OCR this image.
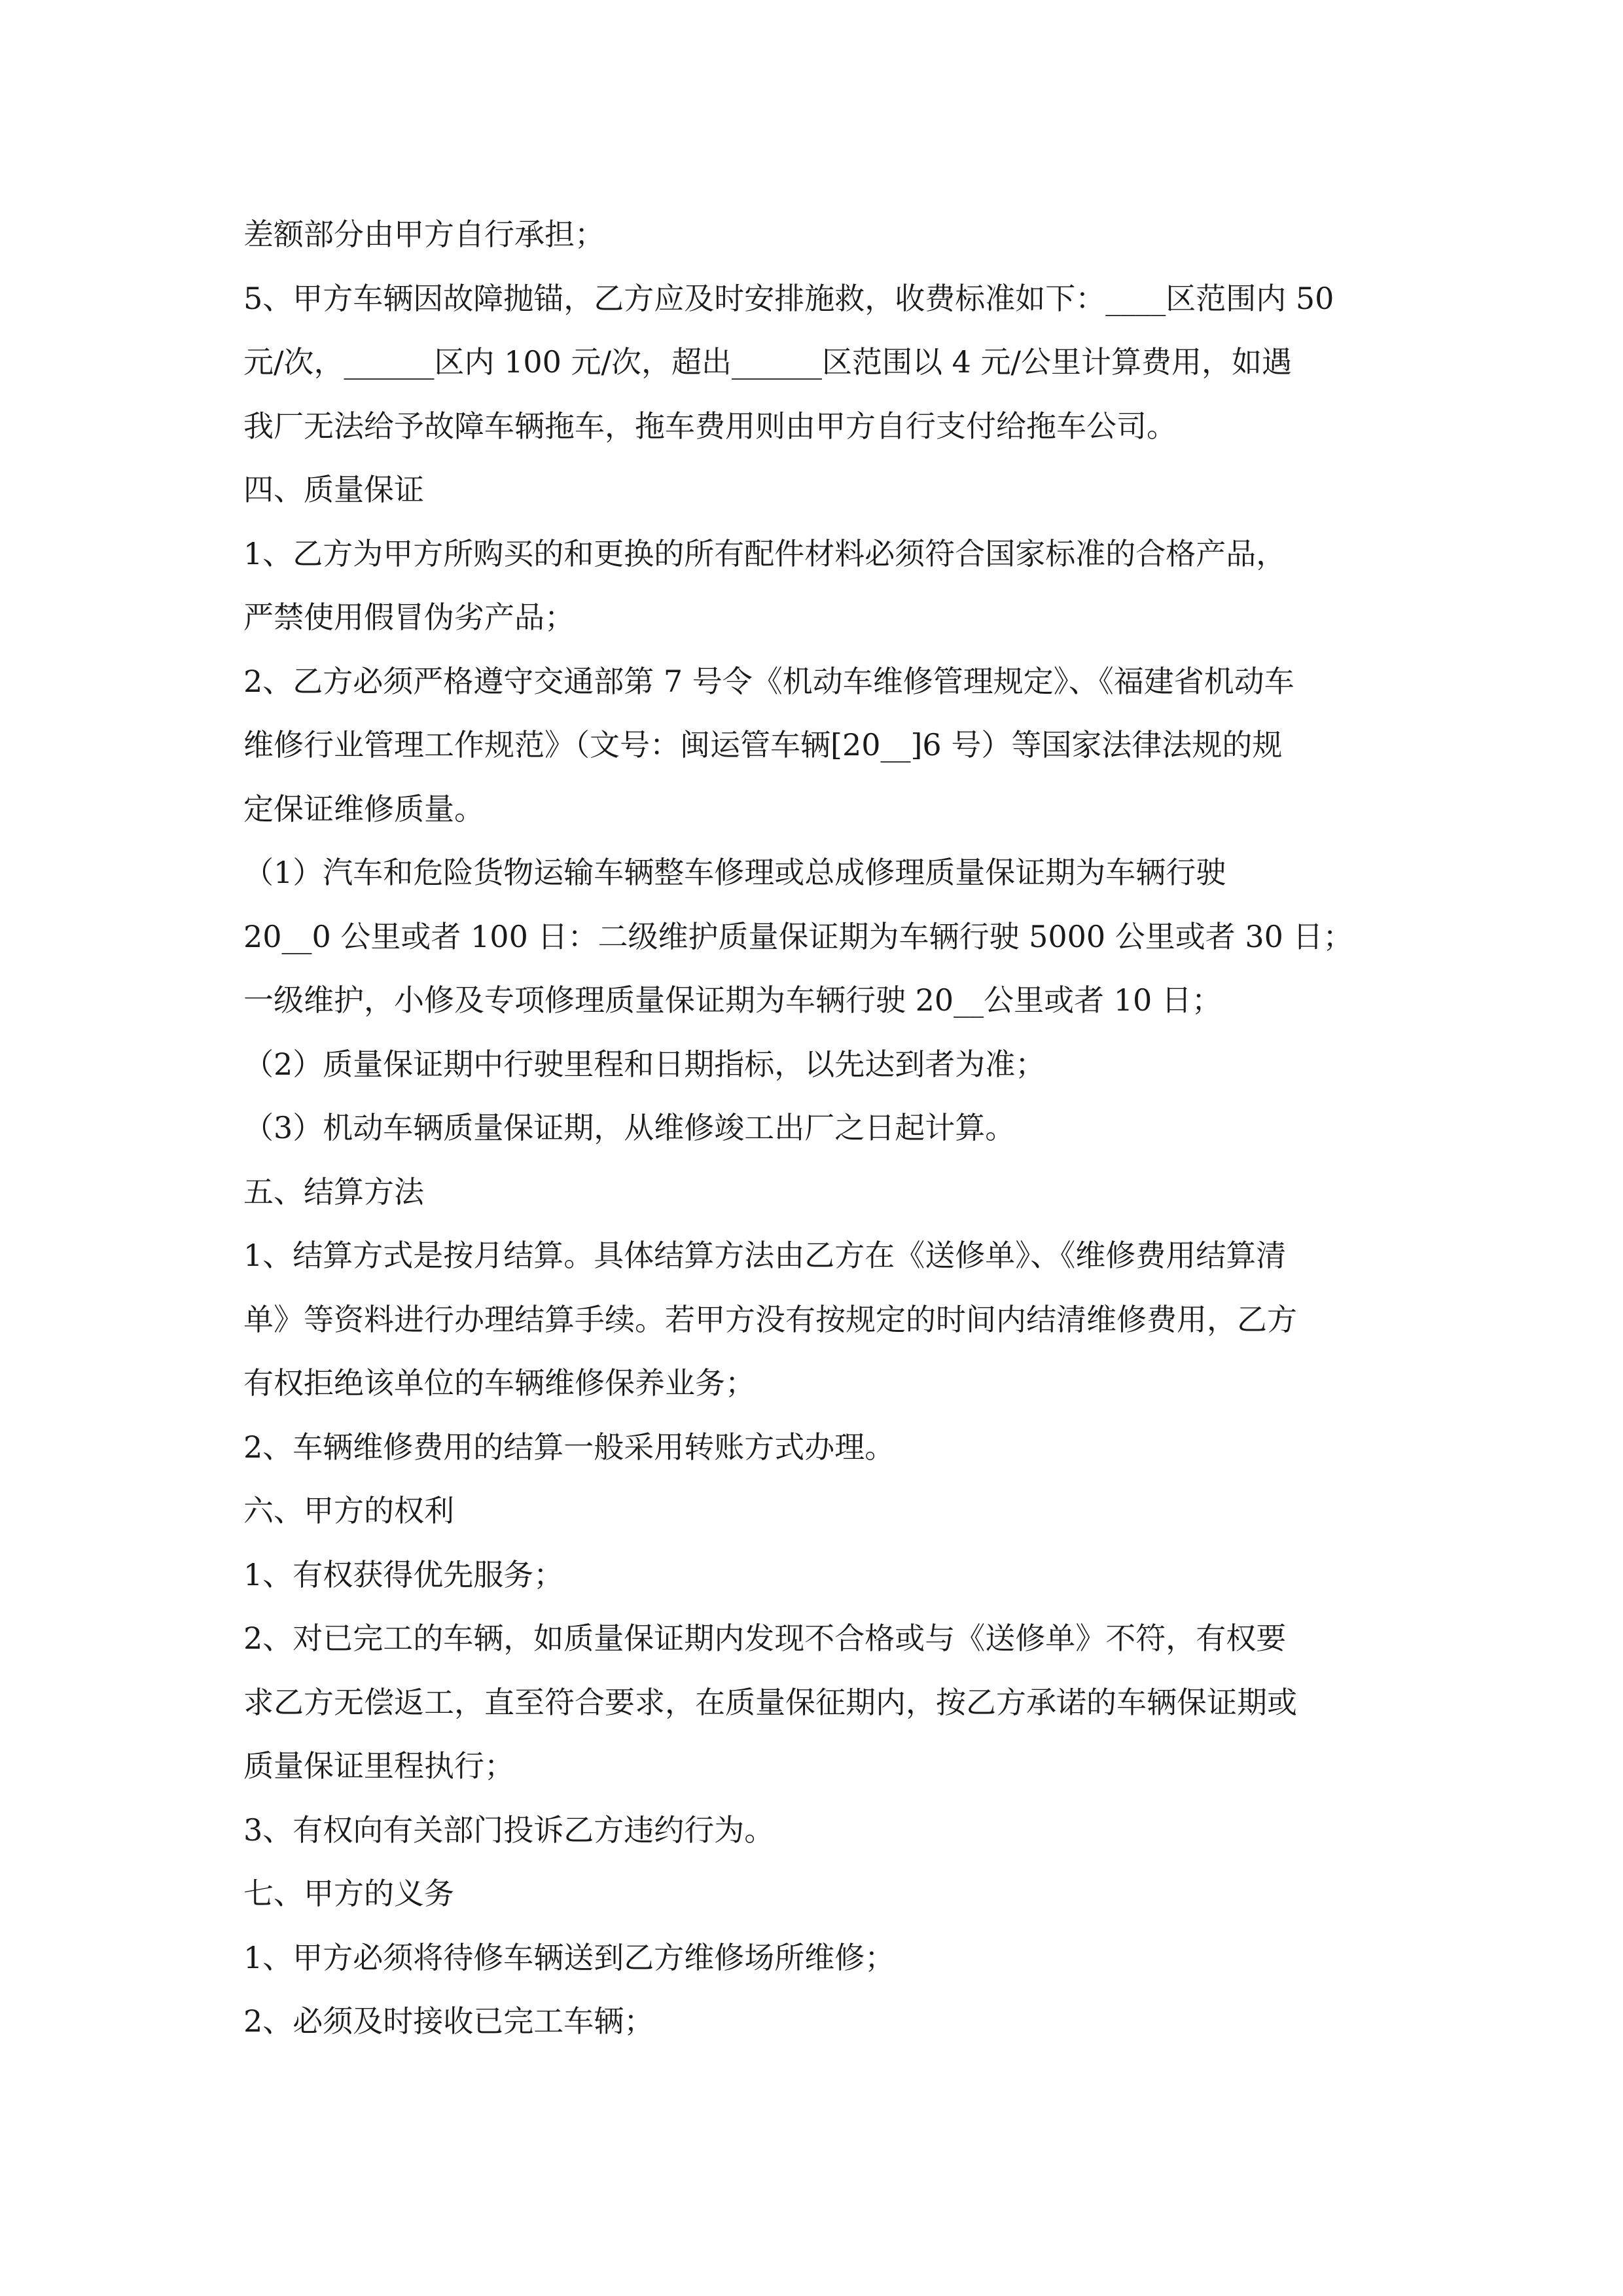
差额部分由甲方自行承担；

5、甲方车辆因故障抛锚，乙方应及时安排施救，收费标准如下：____区范围内 50

元/次，______区内 100 元/次，超出______区范围以 4 元/公里计算费用，如遇

我厂无法给予故障车辆拖车，拖车费用则由甲方自行支付给拖车公司。

四、质量保证

1、乙方为甲方所购买的和更换的所有配件材料必须符合国家标准的合格产品，

严禁使用假冒伪劣产品；

2、乙方必须严格遵守交通部第 7 号令《机动车维修管理规定》、《福建省机动车

维修行业管理工作规范》（文号：闽运管车辆[20__]6 号）等国家法律法规的规

定保证维修质量。

（1）汽车和危险货物运输车辆整车修理或总成修理质量保证期为车辆行驶

20__0 公里或者 100 日：二级维护质量保证期为车辆行驶 5000 公里或者 30 日；

一级维护，小修及专项修理质量保证期为车辆行驶 20__公里或者 10 日；

（2）质量保证期中行驶里程和日期指标，以先达到者为准；

（3）机动车辆质量保证期，从维修竣工出厂之日起计算。

五、结算方法

1、结算方式是按月结算。具体结算方法由乙方在《送修单》、《维修费用结算清

单》等资料进行办理结算手续。若甲方没有按规定的时间内结清维修费用，乙方

有权拒绝该单位的车辆维修保养业务；

2、车辆维修费用的结算一般采用转账方式办理。

六、甲方的权利

1、有权获得优先服务；

2、对已完工的车辆，如质量保证期内发现不合格或与《送修单》不符，有权要

求乙方无偿返工，直至符合要求，在质量保征期内，按乙方承诺的车辆保证期或

质量保证里程执行；

3、有权向有关部门投诉乙方违约行为。

七、甲方的义务

1、甲方必须将待修车辆送到乙方维修场所维修；

2、必须及时接收已完工车辆；
